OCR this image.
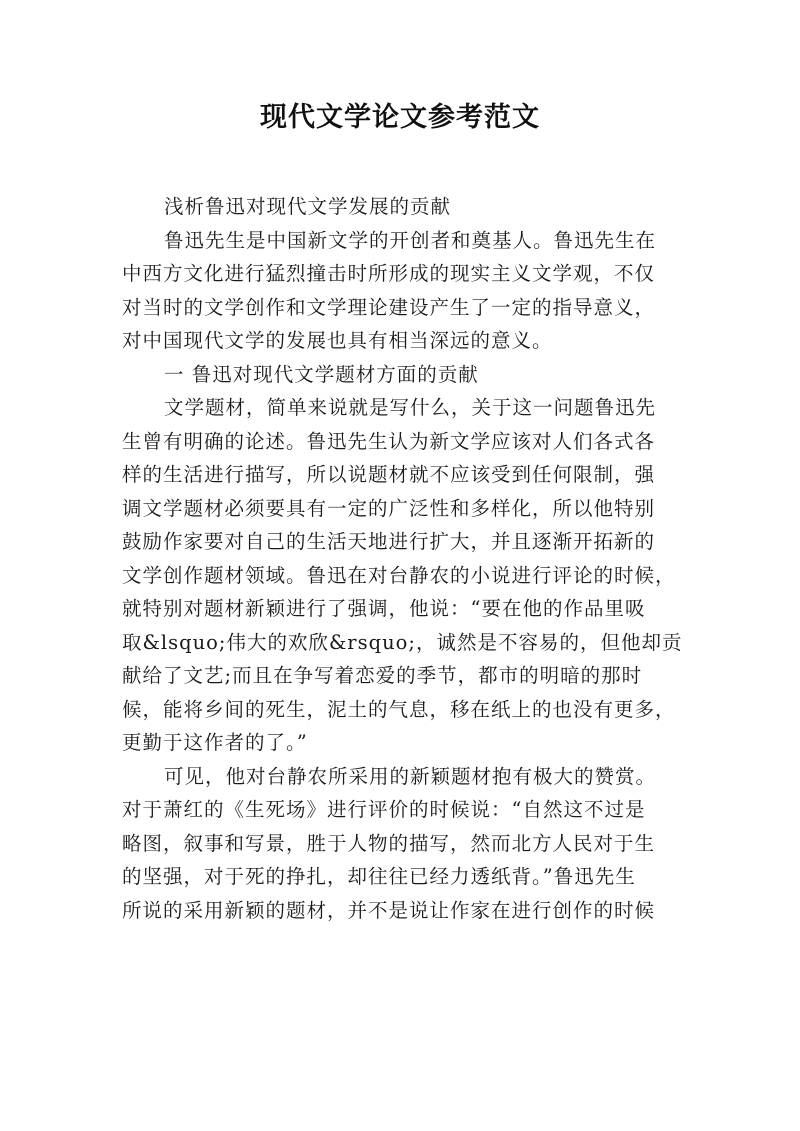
现代文学论文参考范文
浅析鲁迅对现代文学发展的贡献
鲁迅先生是中国新文学的开创者和奠基人。鲁迅先生在
中西方文化进行猛烈撞击时所形成的现实主义文学观，不仅
对当时的文学创作和文学理论建设产生了一定的指导意义，
对中国现代文学的发展也具有相当深远的意义。
一 鲁迅对现代文学题材方面的贡献
文学题材，简单来说就是写什么，关于这一问题鲁迅先
生曾有明确的论述。鲁迅先生认为新文学应该对人们各式各
样的生活进行描写，所以说题材就不应该受到任何限制，强
调文学题材必须要具有一定的广泛性和多样化，所以他特别
鼓励作家要对自己的生活天地进行扩大，并且逐渐开拓新的
文学创作题材领域。鲁迅在对台静农的小说进行评论的时候，
就特别对题材新颖进行了强调，他说：“要在他的作品里吸
取&lsquo;伟大的欢欣&rsquo;，诚然是不容易的，但他却贡
献给了文艺;而且在争写着恋爱的季节，都市的明暗的那时
候，能将乡间的死生，泥土的气息，移在纸上的也没有更多，
更勤于这作者的了。”
可见，他对台静农所采用的新颖题材抱有极大的赞赏。
对于萧红的《生死场》进行评价的时候说：“自然这不过是
略图，叙事和写景，胜于人物的描写，然而北方人民对于生
的坚强，对于死的挣扎，却往往已经力透纸背。”鲁迅先生
所说的采用新颖的题材，并不是说让作家在进行创作的时候
